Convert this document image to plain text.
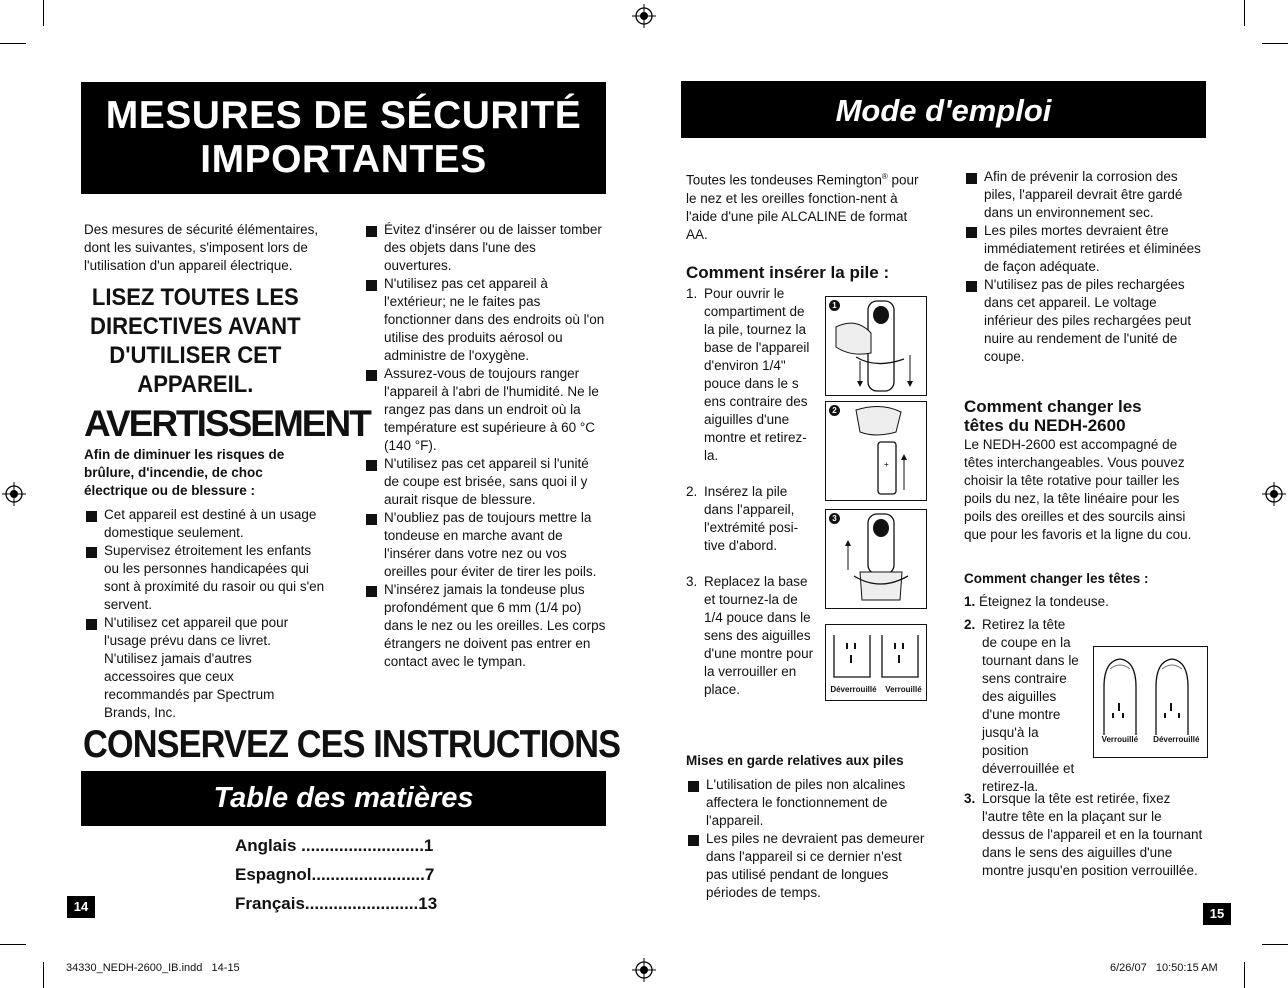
MESURES DE SÉCURITÉ
IMPORTANTES
Des mesures de sécurité élémentaires, dont les suivantes, s'imposent lors de l'utilisation d'un appareil électrique.
LISEZ TOUTES LES DIRECTIVES AVANT D'UTILISER CET APPAREIL.
AVERTISSEMENT
Afin de diminuer les risques de brûlure, d'incendie, de choc électrique ou de blessure :

Cet appareil est destiné à un usage domestique seulement.

Supervisez étroitement les enfants ou les personnes handicapées qui sont à proximité du rasoir ou qui s'en servent.

N'utilisez cet appareil que pour l'usage prévu dans ce livret. N'utilisez jamais d'autres accessoires que ceux recommandés par Spectrum Brands, Inc.

Évitez d'insérer ou de laisser tomber des objets dans l'une des ouvertures.

N'utilisez pas cet appareil à l'extérieur; ne le faites pas fonctionner dans des endroits où l'on utilise des produits aérosol ou administre de l'oxygène.

Assurez-vous de toujours ranger l'appareil à l'abri de l'humidité. Ne le rangez pas dans un endroit où la température est supérieure à 60 °C (140 °F).

N'utilisez pas cet appareil si l'unité de coupe est brisée, sans quoi il y aurait risque de blessure.

N'oubliez pas de toujours mettre la tondeuse en marche avant de l'insérer dans votre nez ou vos oreilles pour éviter de tirer les poils.

N'insérez jamais la tondeuse plus profondément que 6 mm (1/4 po) dans le nez ou les oreilles. Les corps étrangers ne doivent pas entrer en contact avec le tympan.

CONSERVEZ CES INSTRUCTIONS
Table des matières
Anglais ..........................1
Espagnol........................7
Français........................13
14
Mode d'emploi
Toutes les tondeuses Remington® pour le nez et les oreilles fonction-nent à l'aide d'une pile ALCALINE de format AA.
Comment insérer la pile :
1. Pour ouvrir le compartiment de la pile, tournez la base de l'appareil d'environ 1/4" pouce dans le s ens contraire des aiguilles d'une montre et retirez-la.
2. Insérez la pile dans l'appareil, l'extrémité posi-tive d'abord.
3. Replacez la base et tournez-la de 1/4 pouce dans le sens des aiguilles d'une montre pour la verrouiller en place.
1
2
+
3
Déverrouillé Verrouillé
Mises en garde relatives aux piles

L'utilisation de piles non alcalines affectera le fonctionnement de l'appareil.

Les piles ne devraient pas demeurer dans l'appareil si ce dernier n'est pas utilisé pendant de longues périodes de temps.

Afin de prévenir la corrosion des piles, l'appareil devrait être gardé dans un environnement sec.

Les piles mortes devraient être immédiatement retirées et éliminées de façon adéquate.

N'utilisez pas de piles rechargées dans cet appareil. Le voltage inférieur des piles rechargées peut nuire au rendement de l'unité de coupe.

Comment changer les
têtes du NEDH-2600
Le NEDH-2600 est accompagné de têtes interchangeables. Vous pouvez choisir la tête rotative pour tailler les poils du nez, la tête linéaire pour les poils des oreilles et des sourcils ainsi que pour les favoris et la ligne du cou.
Comment changer les têtes :
1. Éteignez la tondeuse.
2. Retirez la tête de coupe en la tournant dans le sens contraire des aiguilles d'une montre jusqu'à la position déverrouillée et retirez-la.
Verrouillé Déverrouillé
3. Lorsque la tête est retirée, fixez l'autre tête en la plaçant sur le dessus de l'appareil et en la tournant dans le sens des aiguilles d'une montre jusqu'en position verrouillée.
15
34330_NEDH-2600_IB.indd   14-15	6/26/07   10:50:15 AM
